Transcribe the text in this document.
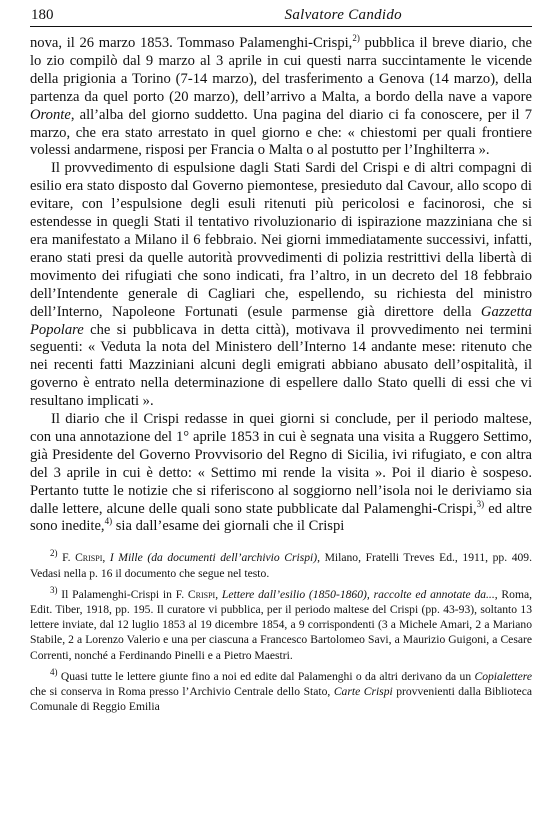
180	Salvatore Candido

nova, il 26 marzo 1853. Tommaso Palamenghi-Crispi,$^{2)}$ pubblica il breve diario, che lo zio compilò dal 9 marzo al 3 aprile in cui questi narra succintamente le vicende della prigionia a Torino (7-14 marzo), del trasferimento a Genova (14 marzo), della partenza da quel porto (20 marzo), dell’arrivo a Malta, a bordo della nave a vapore Oronte, all’alba del giorno suddetto. Una pagina del diario ci fa conoscere, per il 7 marzo, che era stato arrestato in quel giorno e che: « chiestomi per quali frontiere volessi andarmene, risposi per Francia o Malta o al postutto per l’Inghilterra ».

Il provvedimento di espulsione dagli Stati Sardi del Crispi e di altri compagni di esilio era stato disposto dal Governo piemontese, presieduto dal Cavour, allo scopo di evitare, con l’espulsione degli esuli ritenuti più pericolosi e facinorosi, che si estendesse in quegli Stati il tentativo rivoluzionario di ispirazione mazziniana che si era manifestato a Milano il 6 febbraio. Nei giorni immediatamente successivi, infatti, erano stati presi da quelle autorità provvedimenti di polizia restrittivi della libertà di movimento dei rifugiati che sono indicati, fra l’altro, in un decreto del 18 febbraio dell’Intendente generale di Cagliari che, espellendo, su richiesta del ministro dell’Interno, Napoleone Fortunati (esule parmense già direttore della Gazzetta Popolare che si pubblicava in detta città), motivava il provvedimento nei termini seguenti: « Veduta la nota del Ministero dell’Interno 14 andante mese: ritenuto che nei recenti fatti Mazziniani alcuni degli emigrati abbiano abusato dell’ospitalità, il governo è entrato nella determinazione di espellere dallo Stato quelli di essi che vi resultano implicati ».

Il diario che il Crispi redasse in quei giorni si conclude, per il periodo maltese, con una annotazione del 1° aprile 1853 in cui è segnata una visita a Ruggero Settimo, già Presidente del Governo Provvisorio del Regno di Sicilia, ivi rifugiato, e con altra del 3 aprile in cui è detto: « Settimo mi rende la visita ». Poi il diario è sospeso. Pertanto tutte le notizie che si riferiscono al soggiorno nell’isola noi le deriviamo sia dalle lettere, alcune delle quali sono state pubblicate dal Palamenghi-Crispi,$^{3)}$ ed altre sono inedite,$^{4)}$ sia dall’esame dei giornali che il Crispi

$^{2)}$ F. Crispi, I Mille (da documenti dell’archivio Crispi), Milano, Fratelli Treves Ed., 1911, pp. 409. Vedasi nella p. 16 il documento che segue nel testo.

$^{3)}$ Il Palamenghi-Crispi in F. Crispi, Lettere dall’esilio (1850-1860), raccolte ed annotate da..., Roma, Edit. Tiber, 1918, pp. 195. Il curatore vi pubblica, per il periodo maltese del Crispi (pp. 43-93), soltanto 13 lettere inviate, dal 12 luglio 1853 al 19 dicembre 1854, a 9 corrispondenti (3 a Michele Amari, 2 a Mariano Stabile, 2 a Lorenzo Valerio e una per ciascuna a Francesco Bartolomeo Savi, a Maurizio Guigoni, a Cesare Correnti, nonché a Ferdinando Pinelli e a Pietro Maestri.

$^{4)}$ Quasi tutte le lettere giunte fino a noi ed edite dal Palamenghi o da altri derivano da un Copialettere che si conserva in Roma presso l’Archivio Centrale dello Stato, Carte Crispi provvenienti dalla Biblioteca Comunale di Reggio Emilia
